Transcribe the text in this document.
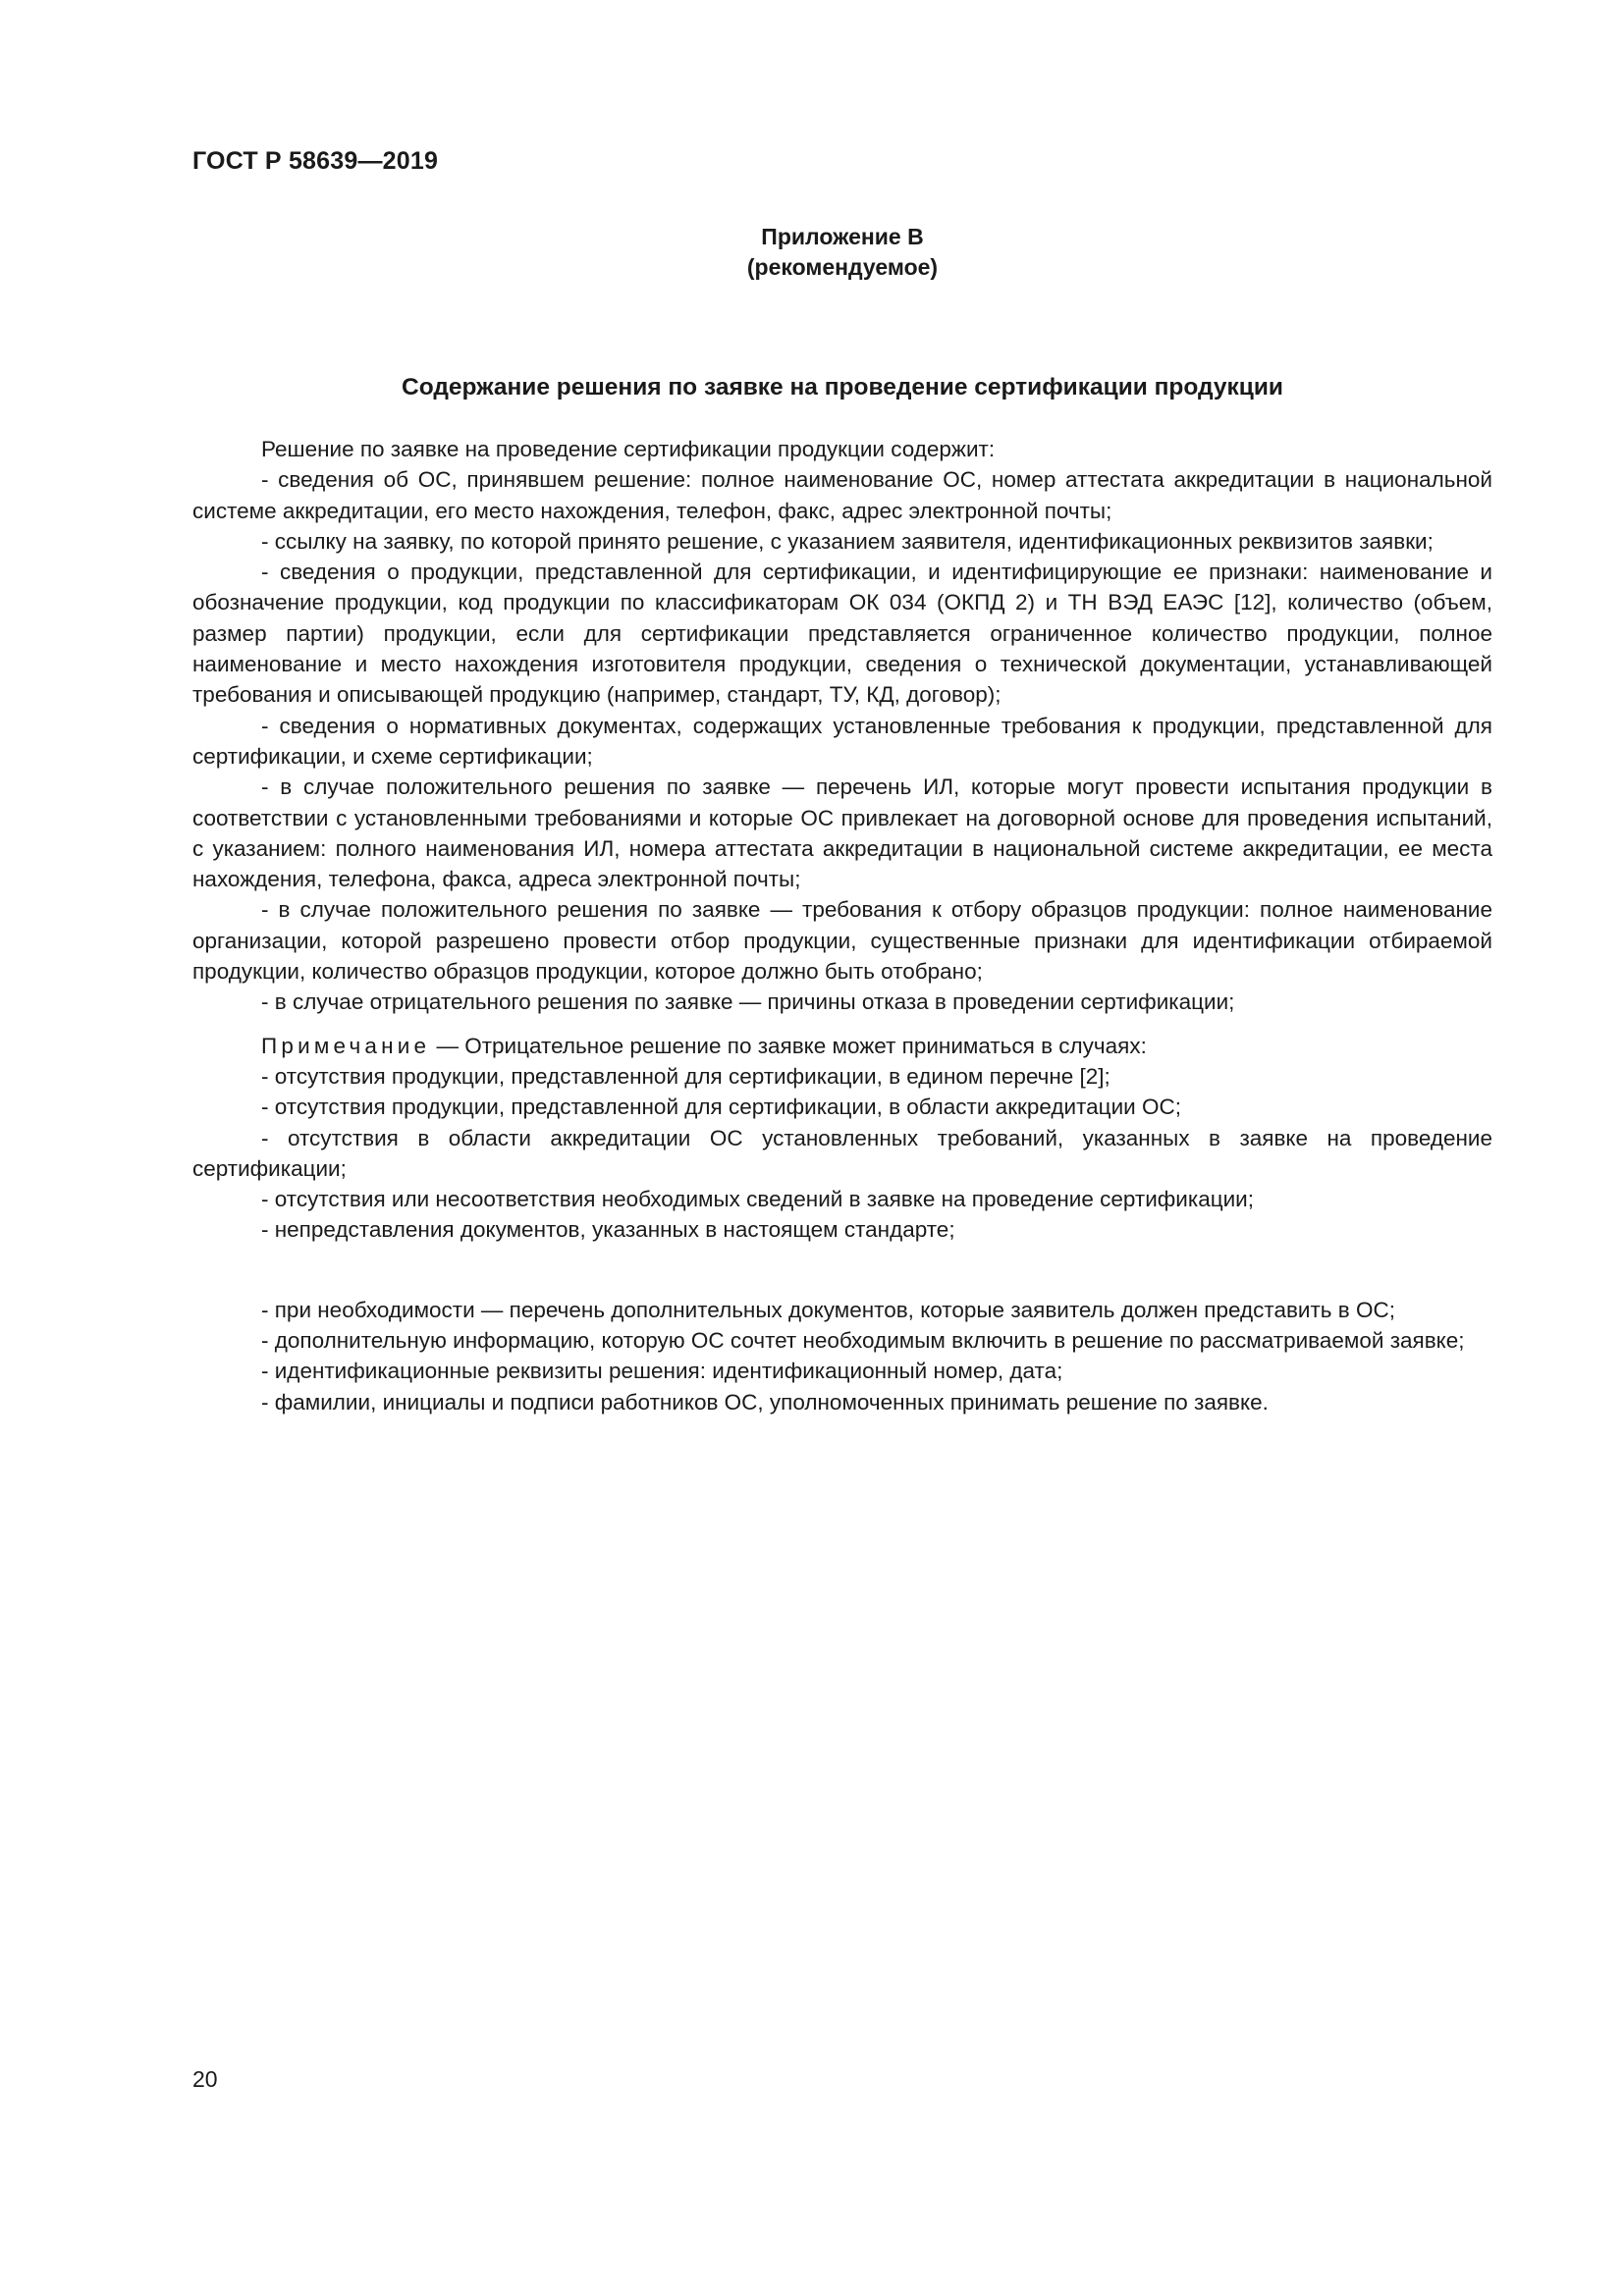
ГОСТ Р 58639—2019
Приложение В
(рекомендуемое)
Содержание решения по заявке на проведение сертификации продукции

Решение по заявке на проведение сертификации продукции содержит:

- сведения об ОС, принявшем решение: полное наименование ОС, номер аттестата аккредитации в национальной системе аккредитации, его место нахождения, телефон, факс, адрес электронной почты;

- ссылку на заявку, по которой принято решение, с указанием заявителя, идентификационных реквизитов заявки;

- сведения о продукции, представленной для сертификации, и идентифицирующие ее признаки: наименование и обозначение продукции, код продукции по классификаторам ОК 034 (ОКПД 2) и ТН ВЭД ЕАЭС [12], количество (объем, размер партии) продукции, если для сертификации представляется ограниченное количество продукции, полное наименование и место нахождения изготовителя продукции, сведения о технической документации, устанавливающей требования и описывающей продукцию (например, стандарт, ТУ, КД, договор);

- сведения о нормативных документах, содержащих установленные требования к продукции, представленной для сертификации, и схеме сертификации;

- в случае положительного решения по заявке — перечень ИЛ, которые могут провести испытания продукции в соответствии с установленными требованиями и которые ОС привлекает на договорной основе для проведения испытаний, с указанием: полного наименования ИЛ, номера аттестата аккредитации в национальной системе аккредитации, ее места нахождения, телефона, факса, адреса электронной почты;

- в случае положительного решения по заявке — требования к отбору образцов продукции: полное наименование организации, которой разрешено провести отбор продукции, существенные признаки для идентификации отбираемой продукции, количество образцов продукции, которое должно быть отобрано;

- в случае отрицательного решения по заявке — причины отказа в проведении сертификации;

Примечание — Отрицательное решение по заявке может приниматься в случаях:

- отсутствия продукции, представленной для сертификации, в едином перечне [2];

- отсутствия продукции, представленной для сертификации, в области аккредитации ОС;

- отсутствия в области аккредитации ОС установленных требований, указанных в заявке на проведение сертификации;

- отсутствия или несоответствия необходимых сведений в заявке на проведение сертификации;

- непредставления документов, указанных в настоящем стандарте;

- при необходимости — перечень дополнительных документов, которые заявитель должен представить в ОС;

- дополнительную информацию, которую ОС сочтет необходимым включить в решение по рассматриваемой заявке;

- идентификационные реквизиты решения: идентификационный номер, дата;

- фамилии, инициалы и подписи работников ОС, уполномоченных принимать решение по заявке.

20
